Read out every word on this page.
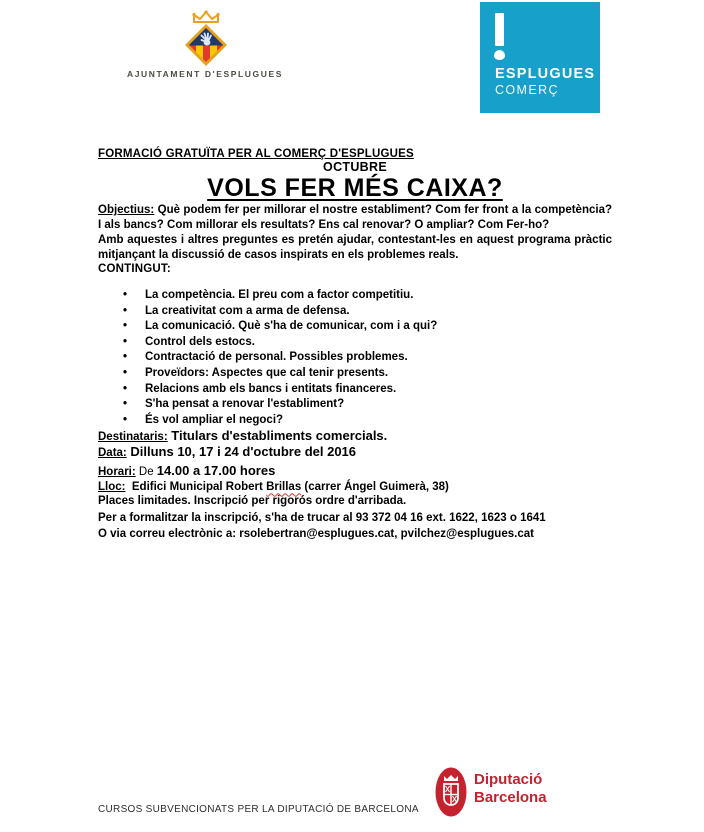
AJUNTAMENT D'ESPLUGUES	ESPLUGUES
COMERÇ

FORMACIÓ GRATUÏTA PER AL COMERÇ D'ESPLUGUES

OCTUBRE

VOLS FER MÉS CAIXA?

Objectius: Què podem fer per millorar el nostre establiment? Com fer front a la competència? I als bancs? Com millorar els resultats? Ens cal renovar? O ampliar? Com Fer-ho?

Amb aquestes i altres preguntes es pretén ajudar, contestant-les en aquest programa pràctic mitjançant la discussió de casos inspirats en els problemes reals.

CONTINGUT:

• La competència. El preu com a factor competitiu.
• La creativitat com a arma de defensa.
• La comunicació. Què s'ha de comunicar, com i a qui?
• Control dels estocs.
• Contractació de personal. Possibles problemes.
• Proveïdors: Aspectes que cal tenir presents.
• Relacions amb els bancs i entitats financeres.
• S'ha pensat a renovar l'establiment?
• És vol ampliar el negoci?

Destinataris: Titulars d'establiments comercials.

Data: Dilluns 10, 17 i 24 d'octubre del 2016

Horari: De 14.00 a 17.00 hores

Lloc:  Edifici Municipal Robert Brillas (carrer Ángel Guimerà, 38)

Places limitades. Inscripció per rigorós ordre d'arribada.
Per a formalitzar la inscripció, s'ha de trucar al 93 372 04 16 ext. 1622, 1623 o 1641
O via correu electrònic a: rsolebertran@esplugues.cat, pvilchez@esplugues.cat

Diputació
Barcelona
CURSOS SUBVENCIONATS PER LA DIPUTACIÓ DE BARCELONA
